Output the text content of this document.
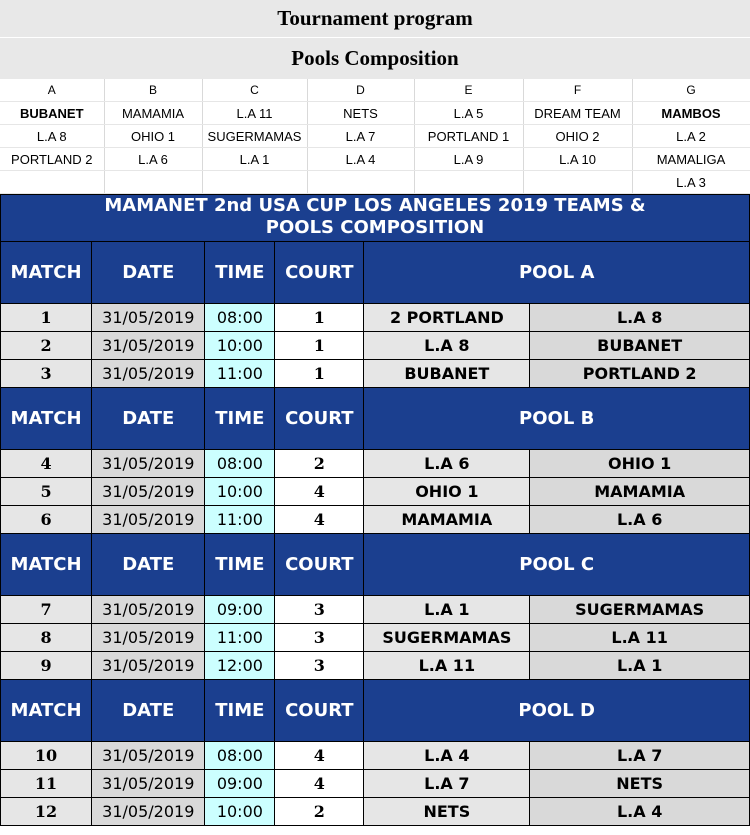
Tournament program
Pools Composition
A	B	C	D	E	F	G
BUBANET	MAMAMIA	L.A 11	NETS	L.A 5	DREAM TEAM	MAMBOS
L.A 8	OHIO 1	SUGERMAMAS	L.A 7	PORTLAND 1	OHIO 2	L.A 2
PORTLAND 2	L.A 6	L.A 1	L.A 4	L.A 9	L.A 10	MAMALIGA
						L.A 3
MAMANET 2nd USA CUP LOS ANGELES 2019 TEAMS &
POOLS COMPOSITION
MATCH	DATE	TIME	COURT	POOL A	
1	31/05/2019	08:00	1	2 PORTLAND	L.A 8
2	31/05/2019	10:00	1	L.A 8	BUBANET
3	31/05/2019	11:00	1	BUBANET	PORTLAND 2
MATCH	DATE	TIME	COURT	POOL B	
4	31/05/2019	08:00	2	L.A 6	OHIO 1
5	31/05/2019	10:00	4	OHIO 1	MAMAMIA
6	31/05/2019	11:00	4	MAMAMIA	L.A 6
MATCH	DATE	TIME	COURT	POOL C	
7	31/05/2019	09:00	3	L.A 1	SUGERMAMAS
8	31/05/2019	11:00	3	SUGERMAMAS	L.A 11
9	31/05/2019	12:00	3	L.A 11	L.A 1
MATCH	DATE	TIME	COURT	POOL D	
10	31/05/2019	08:00	4	L.A 4	L.A 7
11	31/05/2019	09:00	4	L.A 7	NETS
12	31/05/2019	10:00	2	NETS	L.A 4
